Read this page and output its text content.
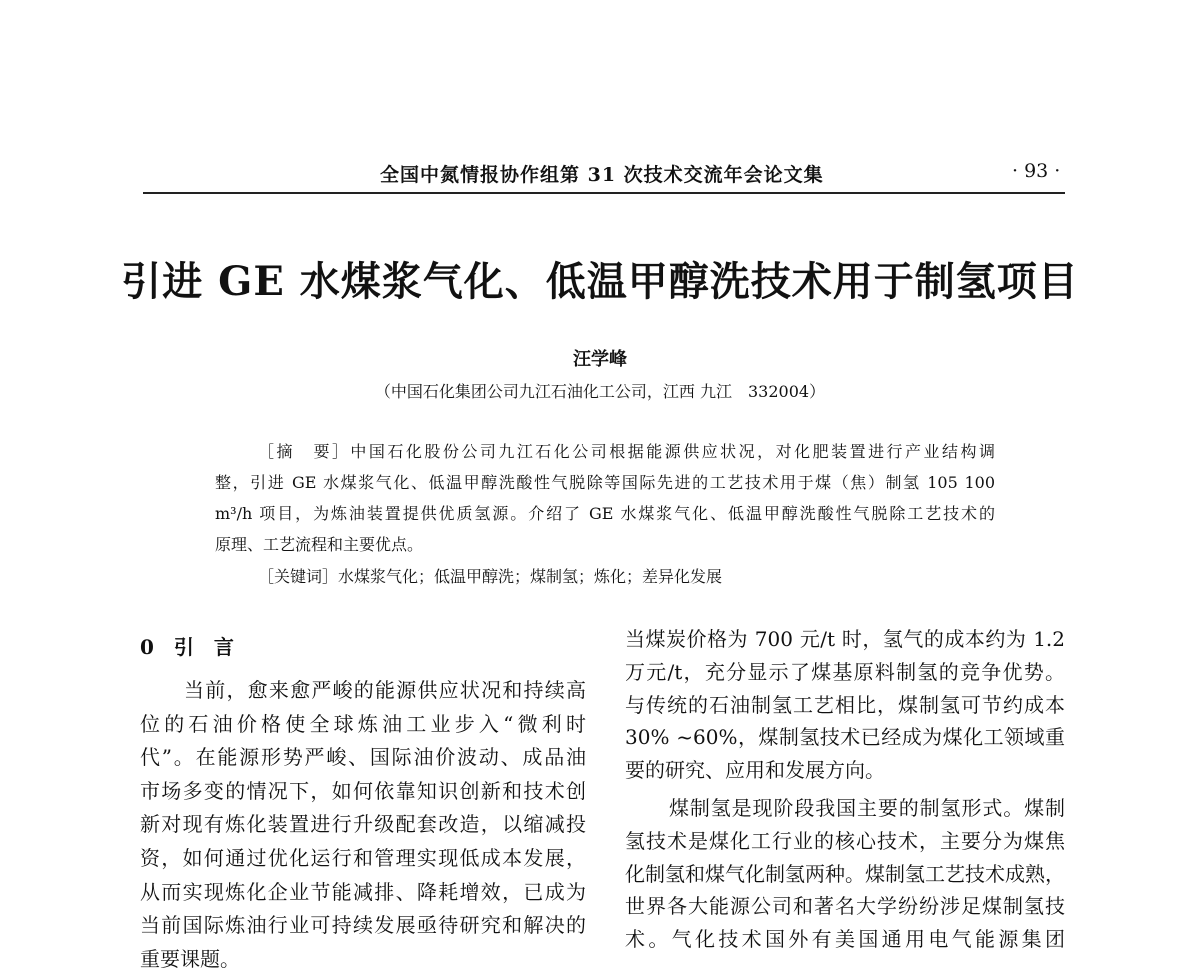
全国中氮情报协作组第 31 次技术交流年会论文集	· 93 ·
引进 GE 水煤浆气化、低温甲醇洗技术用于制氢项目
汪学峰
（中国石化集团公司九江石油化工公司，江西 九江　332004）
［摘　要］中国石化股份公司九江石化公司根据能源供应状况，对化肥装置进行产业结构调
整，引进 GE 水煤浆气化、低温甲醇洗酸性气脱除等国际先进的工艺技术用于煤（焦）制氢 105 100
m³/h 项目，为炼油装置提供优质氢源。介绍了 GE 水煤浆气化、低温甲醇洗酸性气脱除工艺技术的
原理、工艺流程和主要优点。
［关键词］水煤浆气化；低温甲醇洗；煤制氢；炼化；差异化发展
0　引　言
当前，愈来愈严峻的能源供应状况和持续高
位的石油价格使全球炼油工业步入“微利时
代”。在能源形势严峻、国际油价波动、成品油
市场多变的情况下，如何依靠知识创新和技术创
新对现有炼化装置进行升级配套改造，以缩减投
资，如何通过优化运行和管理实现低成本发展，
从而实现炼化企业节能减排、降耗增效，已成为
当前国际炼油行业可持续发展亟待研究和解决的
重要课题。
当煤炭价格为 700 元/t 时，氢气的成本约为 1.2
万元/t，充分显示了煤基原料制氢的竞争优势。
与传统的石油制氢工艺相比，煤制氢可节约成本
30% ~60%，煤制氢技术已经成为煤化工领域重
要的研究、应用和发展方向。
煤制氢是现阶段我国主要的制氢形式。煤制
氢技术是煤化工行业的核心技术，主要分为煤焦
化制氢和煤气化制氢两种。煤制氢工艺技术成熟，
世界各大能源公司和著名大学纷纷涉足煤制氢技
术。气化技术国外有美国通用电气能源集团
